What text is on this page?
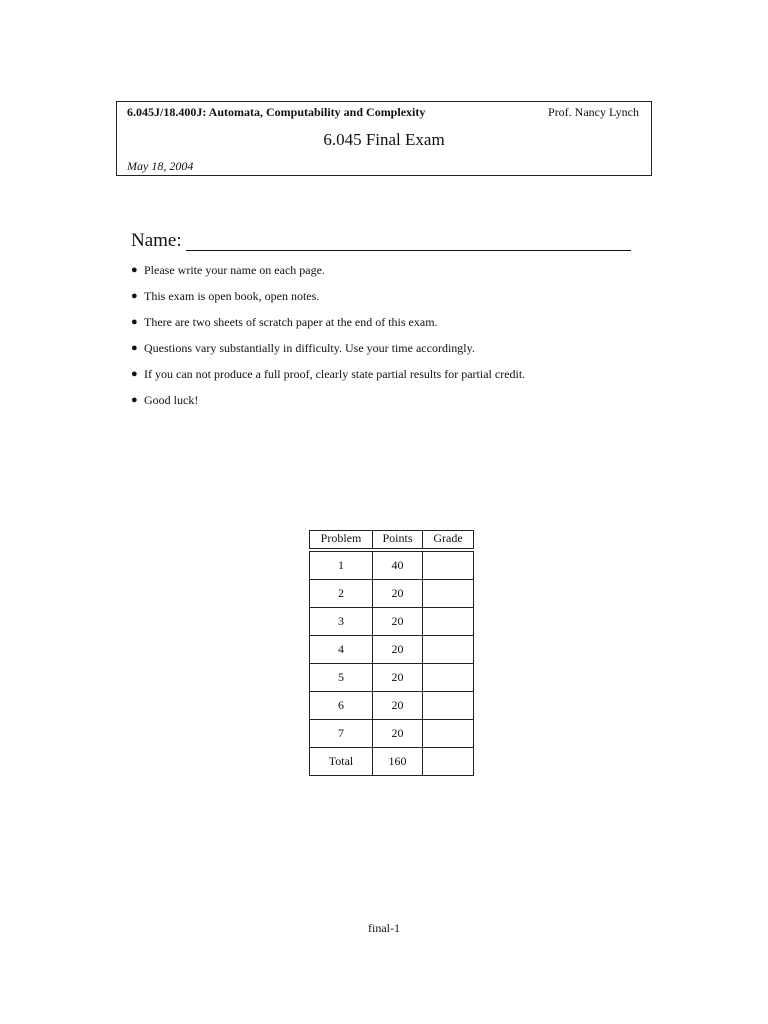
6.045J/18.400J: Automata, Computability and Complexity	Prof. Nancy Lynch
6.045 Final Exam
May 18, 2004
Name:
● Please write your name on each page.
● This exam is open book, open notes.
● There are two sheets of scratch paper at the end of this exam.
● Questions vary substantially in difficulty. Use your time accordingly.
● If you can not produce a full proof, clearly state partial results for partial credit.
● Good luck!
Problem	Points	Grade
1	40	
2	20	
3	20	
4	20	
5	20	
6	20	
7	20	
Total	160	
final-1
